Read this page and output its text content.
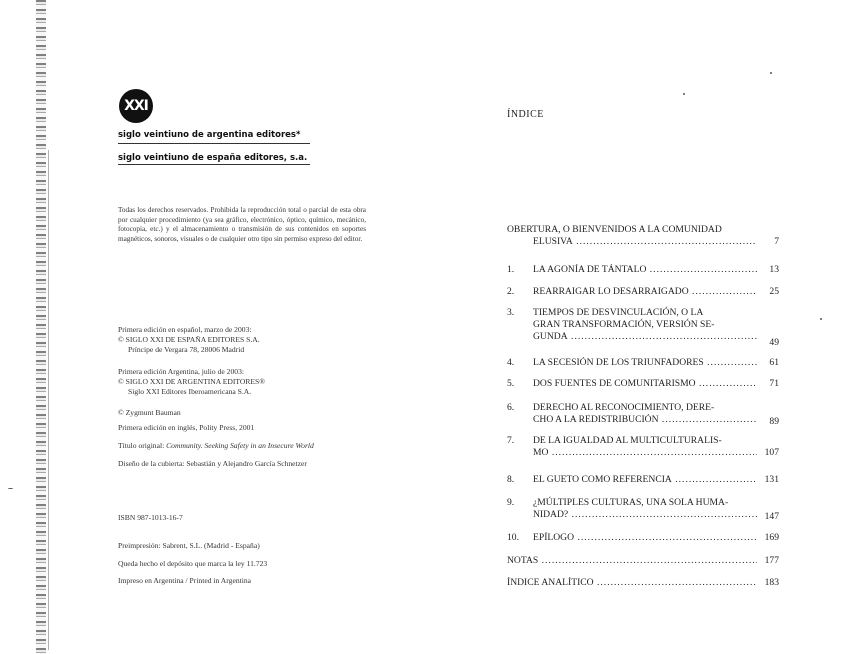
XXI
siglo veintiuno de argentina editores*
siglo veintiuno de españa editores, s.a.
Todas los derechos reservados. Prohibida la reproducción total o parcial de esta obra por cualquier procedimiento (ya sea gráfico, electrónico, óptico, químico, mecánico, fotocopia, etc.) y el almacenamiento o transmisión de sus contenidos en soportes magnéticos, sonoros, visuales o de cualquier otro tipo sin permiso expreso del editor.
Primera edición en español, marzo de 2003:
© SIGLO XXI DE ESPAÑA EDITORES S.A.
Príncipe de Vergara 78, 28006 Madrid
Primera edición Argentina, julio de 2003:
© SIGLO XXI DE ARGENTINA EDITORES®
Siglo XXI Editores Iberoamericana S.A.
© Zygmunt Bauman
Primera edición en inglés, Polity Press, 2001
Título original: Community. Seeking Safety in an Insecure World
Diseño de la cubierta: Sebastián y Alejandro García Schnetzer
ISBN 987-1013-16-7
Preimpresión: Sabrent, S.L. (Madrid - España)
Queda hecho el depósito que marca la ley 11.723
Impreso en Argentina / Printed in Argentina
ÍNDICE
OBERTURA, O BIENVENIDOS A LA COMUNIDAD
ELUSIVA .....	7
1.	LA AGONÍA DE TÁNTALO .....	13
2.	REARRAIGAR LO DESARRAIGADO .....	25
3.	TIEMPOS DE DESVINCULACIÓN, O LA
GRAN TRANSFORMACIÓN, VERSIÓN SE-
GUNDA .....
49
4.	LA SECESIÓN DE LOS TRIUNFADORES .....	61
5.	DOS FUENTES DE COMUNITARISMO .....	71
6.	DERECHO AL RECONOCIMIENTO, DERE-
CHO A LA REDISTRIBUCIÓN .....	89
7.	DE LA IGUALDAD AL MULTICULTURALIS-
MO .....	107
8.	EL GUETO COMO REFERENCIA .....	131
9.	¿MÚLTIPLES CULTURAS, UNA SOLA HUMA-
NIDAD? .....	147
10.	EPÍLOGO .....	169
NOTAS .....	177
ÍNDICE ANALÍTICO .....	183
